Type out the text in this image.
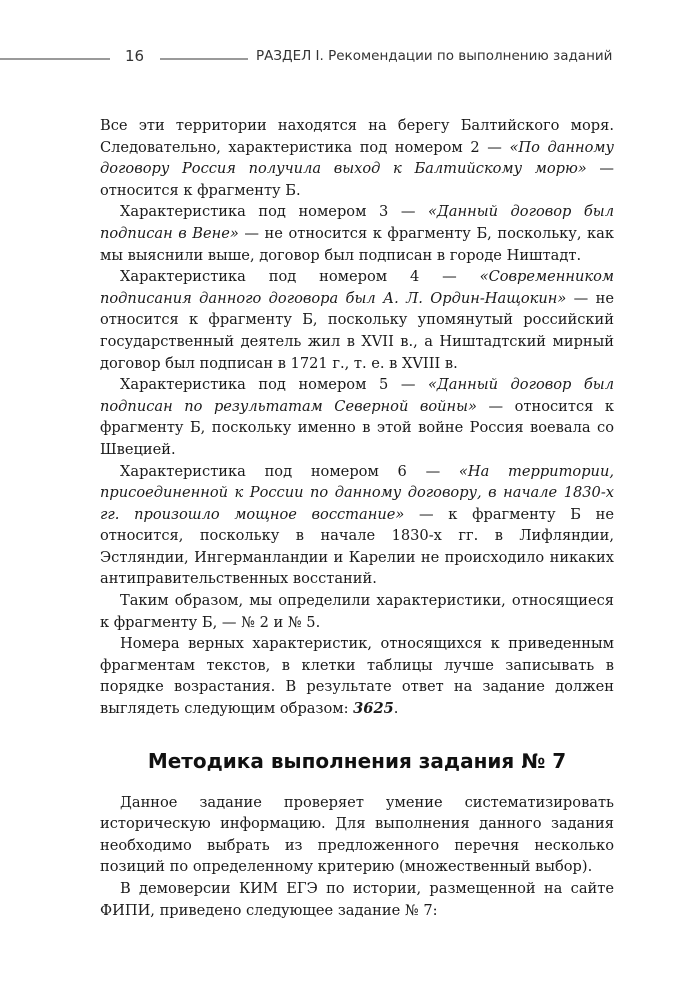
16	РАЗДЕЛ I. Рекомендации по выполнению заданий

Все эти территории находятся на берегу Балтийского моря. Следовательно, характеристика под номером 2 — «По данному договору Россия получила выход к Балтийскому морю» — относится к фрагменту Б.

Характеристика под номером 3 — «Данный договор был подписан в Вене» — не относится к фрагменту Б, поскольку, как мы выяснили выше, договор был подписан в городе Ништадт.

Характеристика под номером 4 — «Современником подписания данного договора был А. Л. Ордин-Нащокин» — не относится к фрагменту Б, поскольку упомянутый российский государственный деятель жил в XVII в., а Ништадтский мирный договор был подписан в 1721 г., т. е. в XVIII в.

Характеристика под номером 5 — «Данный договор был подписан по результатам Северной войны» — относится к фрагменту Б, поскольку именно в этой войне Россия воевала со Швецией.

Характеристика под номером 6 — «На территории, присоединенной к России по данному договору, в начале 1830-х гг. произошло мощное восстание» — к фрагменту Б не относится, поскольку в начале 1830-х гг. в Лифляндии, Эстляндии, Ингерманландии и Карелии не происходило никаких антиправительственных восстаний.

Таким образом, мы определили характеристики, относящиеся к фрагменту Б, — № 2 и № 5.

Номера верных характеристик, относящихся к приведенным фрагментам текстов, в клетки таблицы лучше записывать в порядке возрастания. В результате ответ на задание должен выглядеть следующим образом: 3625.

Методика выполнения задания № 7

Данное задание проверяет умение систематизировать историческую информацию. Для выполнения данного задания необходимо выбрать из предложенного перечня несколько позиций по определенному критерию (множественный выбор).

В демоверсии КИМ ЕГЭ по истории, размещенной на сайте ФИПИ, приведено следующее задание № 7:
